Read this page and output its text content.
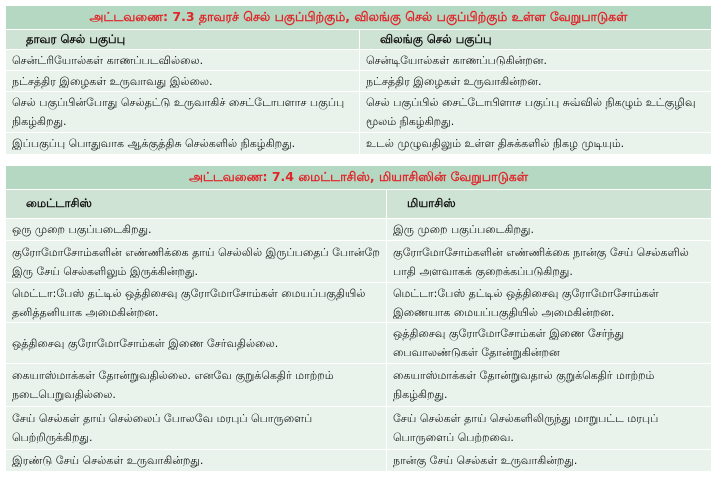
அட்டவணை: 7.3 தாவரச் செல் பகுப்பிற்கும், விலங்கு செல் பகுப்பிற்கும் உள்ள வேறுபாடுகள்	
தாவர செல் பகுப்பு	விலங்கு செல் பகுப்பு
சென்ட்ரியோல்கள் காணப்படவில்லை.	சென்டியோல்கள் காணப்படுகின்றன.
நட்சத்திர இழைகள் உருவாவது இல்லை.	நட்சத்திர இழைகள் உருவாகின்றன.
செல் பகுப்பின்போது செல்தட்டு உருவாகிச் சைட்டோபளாச பகுப்பு நிகழ்கிறது.	செல் பகுப்பில் சைட்டோபிளாச பகுப்பு சுவ்வில் நிகழும் உட்குழிவு மூலம் நிகழ்கிறது.
இப்பகுப்பு பொதுவாக ஆக்குத்திசு செல்களில் நிகழ்கிறது.	உடல் முழுவதிலும் உள்ள திசுக்களில் நிகழ முடியும்.
அட்டவணை: 7.4 மைட்டாசிஸ், மியாசிஸின் வேறுபாடுகள்	
மைட்டாசிஸ்	மியாசிஸ்
ஒரு முறை பகுப்படைகிறது.	இரு முறை பகுப்படைகிறது.
குரோமோசோம்களின் எண்ணிக்கை தாய் செல்லில் இருப்பதைப் போன்றே இரு சேய் செல்களிலும் இருக்கின்றது.	குரோமோசோம்களின் எண்ணிக்கை நான்கு சேய் செல்களில் பாதி அளவாகக் குறைக்கப்படுகிறது.
மெட்டா:பேஸ் தட்டில் ஒத்திசைவு குரோமோசோம்கள் மையப்பகுதியில் தனித்தனியாக அமைகின்றன.	மெட்டா:பேஸ் தட்டில் ஒத்திசைவு குரோமோசோம்கள் இணையாக மையப்பகுதியில் அமைகின்றன.
ஒத்திசைவு குரோமோசோம்கள் இணை சேர்வதில்லை.	ஒத்திசைவு குரோமோசோம்கள் இணை சேர்ந்து பைவாலண்டுகள் தோன்றுகின்றன
கையாஸ்மாக்கள் தோன்றுவதில்லை. எனவே குறுக்கெதிர் மாற்றம் நடைபெறுவதில்லை.	கையாஸ்மாக்கள் தோன்றுவதால் குறுக்கெதிர் மாற்றம் நிகழ்கிறது.
சேய் செல்கள் தாய் செல்லைப் போலவே மரபுப் பொருளைப் பெற்றிருக்கிறது.	சேய் செல்கள் தாய் செல்களிலிருந்து மாறுபட்ட மரபுப் பொருளைப் பெற்றவை.
இரண்டு சேய் செல்கள் உருவாகின்றது.	நான்கு சேய் செல்கள் உருவாகின்றது.
